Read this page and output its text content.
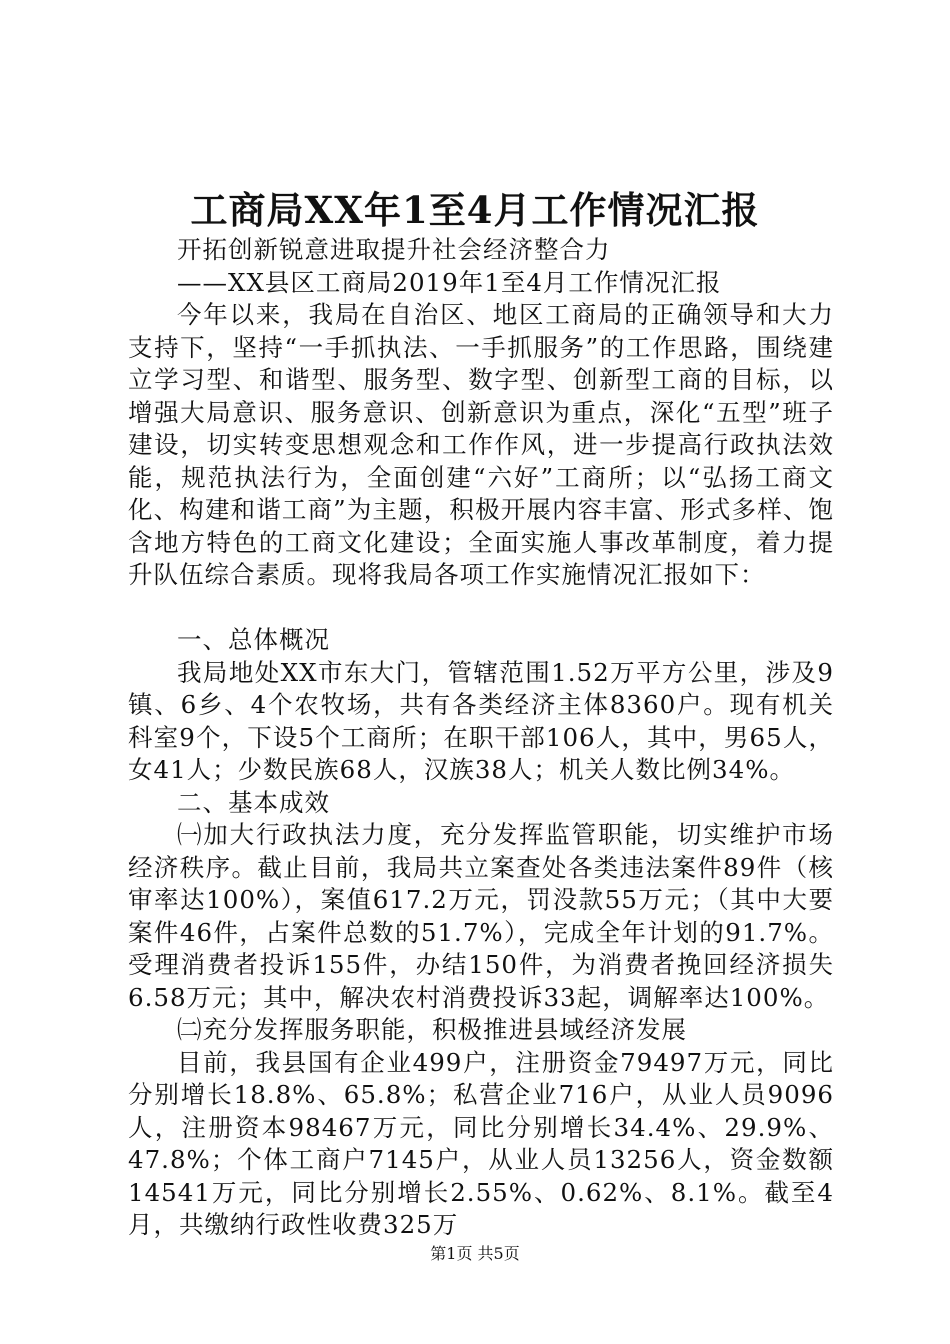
工商局XX年1至4月工作情况汇报

开拓创新锐意进取提升社会经济整合力

——XX县区工商局2019年1至4月工作情况汇报

今年以来，我局在自治区、地区工商局的正确领导和大力支持下，坚持“一手抓执法、一手抓服务”的工作思路，围绕建立学习型、和谐型、服务型、数字型、创新型工商的目标，以增强大局意识、服务意识、创新意识为重点，深化“五型”班子建设，切实转变思想观念和工作作风，进一步提高行政执法效能，规范执法行为，全面创建“六好”工商所；以“弘扬工商文化、构建和谐工商”为主题，积极开展内容丰富、形式多样、饱含地方特色的工商文化建设；全面实施人事改革制度，着力提升队伍综合素质。现将我局各项工作实施情况汇报如下：

一、总体概况

我局地处XX市东大门，管辖范围1.52万平方公里，涉及9镇、6乡、4个农牧场，共有各类经济主体8360户。现有机关科室9个，下设5个工商所；在职干部106人，其中，男65人，女41人；少数民族68人，汉族38人；机关人数比例34%。

二、基本成效

㈠加大行政执法力度，充分发挥监管职能，切实维护市场经济秩序。截止目前，我局共立案查处各类违法案件89件（核审率达100%），案值617.2万元，罚没款55万元；（其中大要案件46件，占案件总数的51.7%），完成全年计划的91.7%。受理消费者投诉155件，办结150件，为消费者挽回经济损失6.58万元；其中，解决农村消费投诉33起，调解率达100%。

㈡充分发挥服务职能，积极推进县域经济发展

目前，我县国有企业499户，注册资金79497万元，同比分别增长18.8%、65.8%；私营企业716户，从业人员9096人，注册资本98467万元，同比分别增长34.4%、29.9%、47.8%；个体工商户7145户，从业人员13256人，资金数额14541万元，同比分别增长2.55%、0.62%、8.1%。截至4月，共缴纳行政性收费325万

第1页 共5页
